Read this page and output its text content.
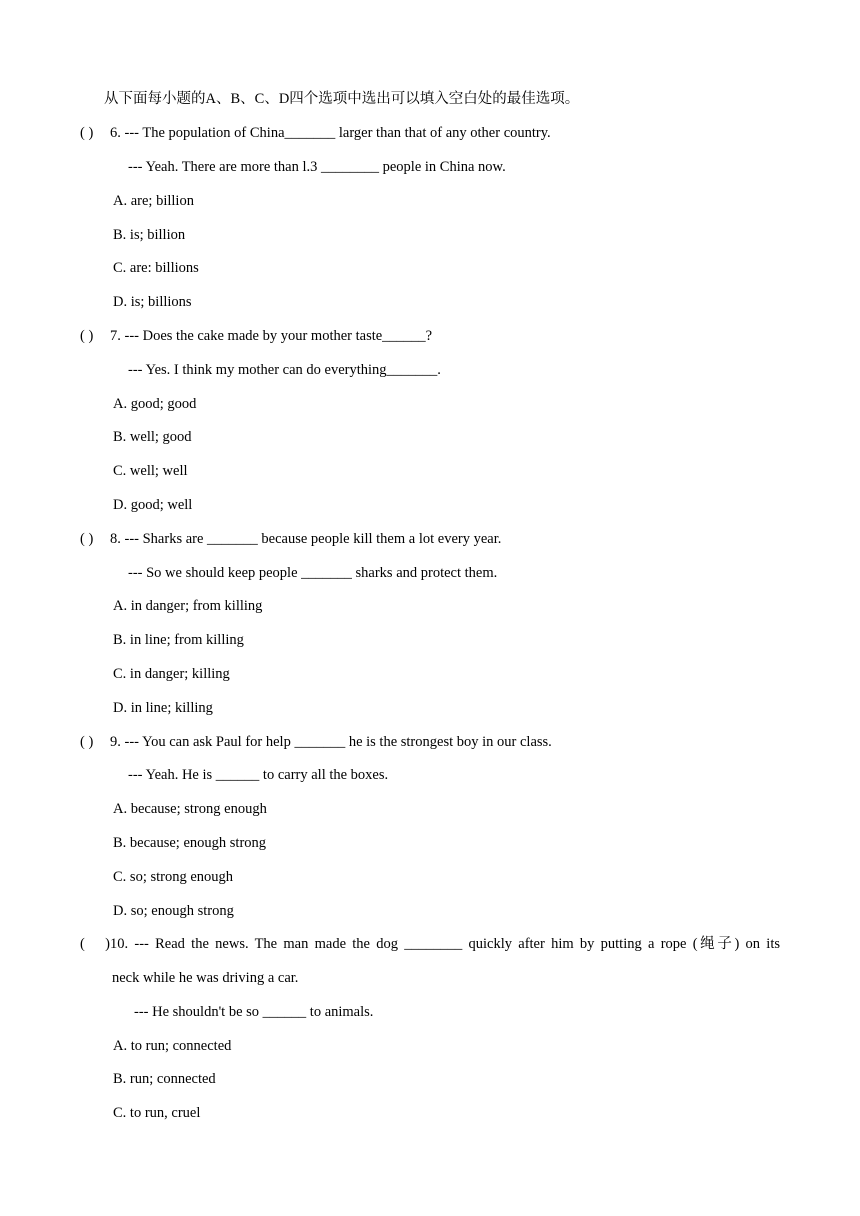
从下面每小题的A、B、C、D四个选项中选出可以填入空白处的最佳选项。
( ) 6. --- The population of China_______ larger than that of any other country.
--- Yeah. There are more than l.3 ________ people in China now.
A. are; billion
B. is; billion
C. are: billions
D. is; billions
( ) 7. --- Does the cake made by your mother taste______?
--- Yes. I think my mother can do everything_______.
A. good; good
B. well; good
C. well; well
D. good; well
( ) 8. --- Sharks are _______ because people kill them a lot every year.
--- So we should keep people _______ sharks and protect them.
A. in danger; from killing
B. in line; from killing
C. in danger; killing
D. in line; killing
( ) 9. --- You can ask Paul for help _______ he is the strongest boy in our class.
--- Yeah. He is ______ to carry all the boxes.
A. because; strong enough
B. because; enough strong
C. so; strong enough
D. so; enough strong
( )10. --- Read the news. The man made the dog ________ quickly after him by putting a rope (绳子) on its
neck while he was driving a car.
--- He shouldn't be so ______ to animals.
A. to run; connected
B. run; connected
C. to run, cruel
